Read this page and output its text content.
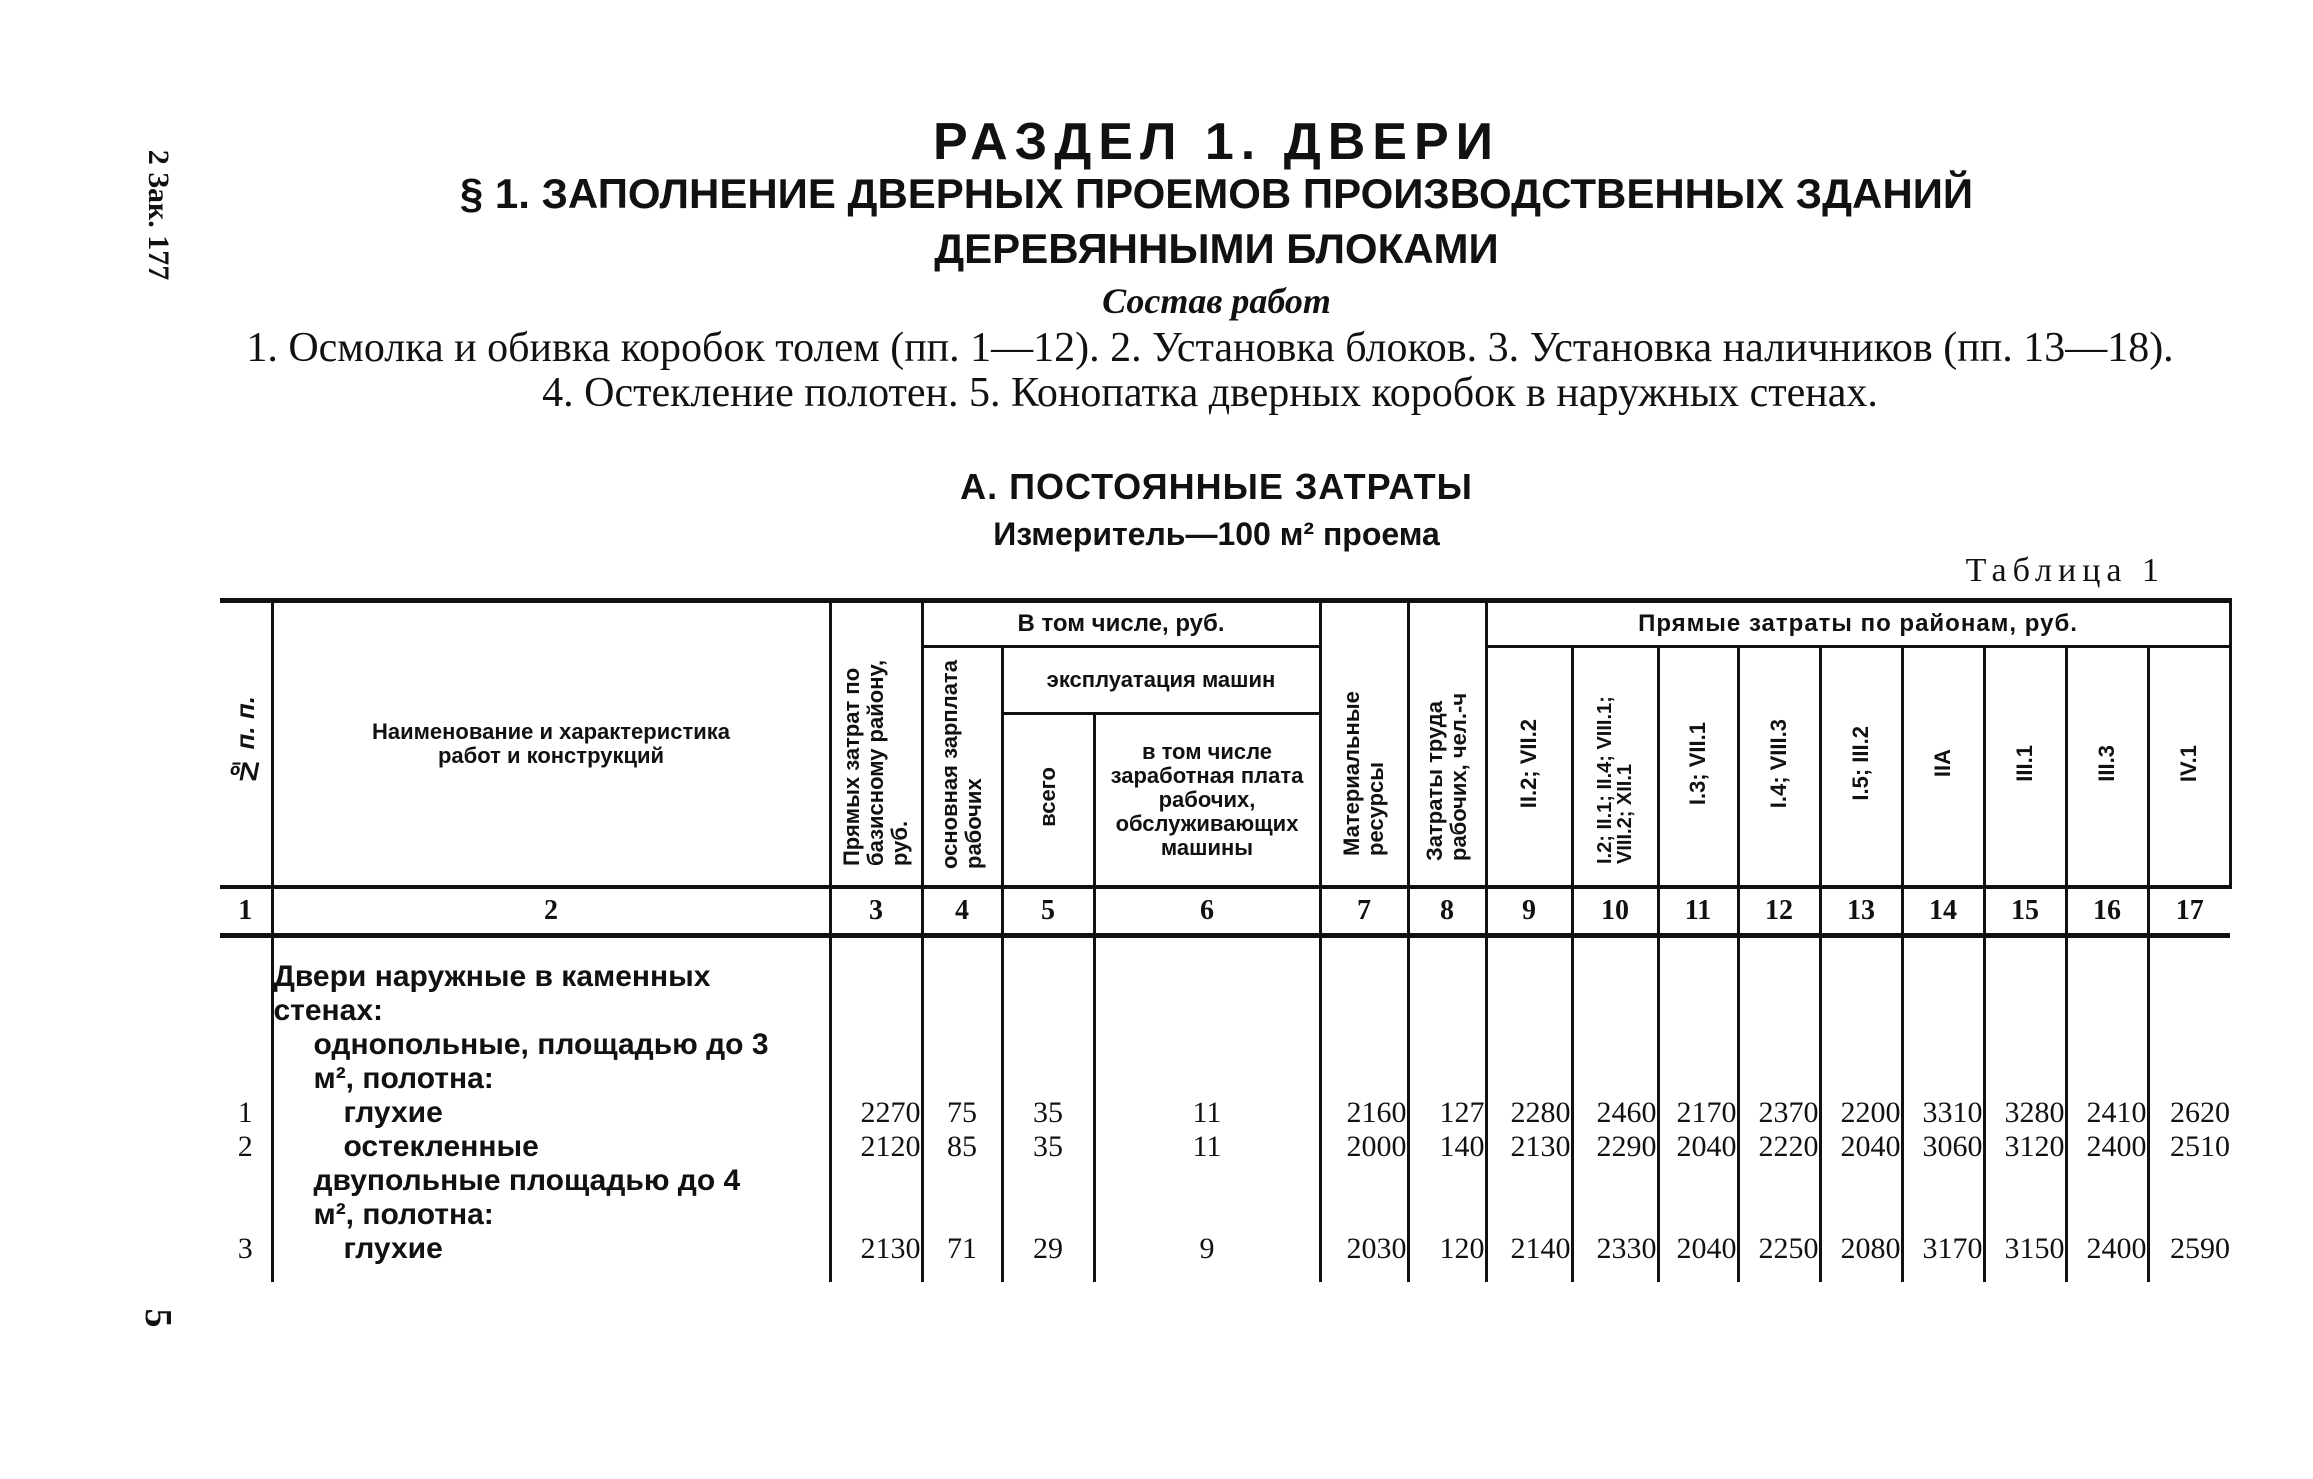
2 Зак. 177
5
РАЗДЕЛ 1. ДВЕРИ
§ 1. ЗАПОЛНЕНИЕ ДВЕРНЫХ ПРОЕМОВ ПРОИЗВОДСТВЕННЫХ ЗДАНИЙ
ДЕРЕВЯННЫМИ БЛОКАМИ
Состав работ
1. Осмолка и обивка коробок толем (пп. 1—12). 2. Установка блоков. 3. Установка наличников (пп. 13—18). 4. Остекление полотен. 5. Конопатка дверных коробок в наружных стенах.
А. ПОСТОЯННЫЕ ЗАТРАТЫ
Измеритель—100 м² проема
Таблица 1
№ п. п.	Наименование и характеристика работ и конструкций	Прямых затрат по базисному району, руб.	В том числе, руб.			Материальные ресурсы	Затраты труда рабочих, чел.-ч	Прямые затраты по районам, руб.								
			основная зарплата рабочих	эксплуатация машин				II.2; VII.2	I.2; II.1; II.4; VIII.1; VIII.2; XII.1	I.3; VII.1	I.4; VIII.3	I.5; III.2	IIA	III.1	III.3	IV.1
				всего	в том числе заработная плата рабочих, обслуживающих машины											

1	2	3	4	5	6	7	8	9	10	11	12	13	14	15	16	17

	Двери наружные в каменных стенах:
однопольные, площадью до 3 м², полотна:															

1	глухие	2270	75	35	11	2160	127	2280	2460	2170	2370	2200	3310	3280	2410	2620
2	остекленные	2120	85	35	11	2000	140	2130	2290	2040	2220	2040	3060	3120	2400	2510

	двупольные площадью до 4 м², полотна:															

3	глухие	2130	71	29	9	2030	120	2140	2330	2040	2250	2080	3170	3150	2400	2590
